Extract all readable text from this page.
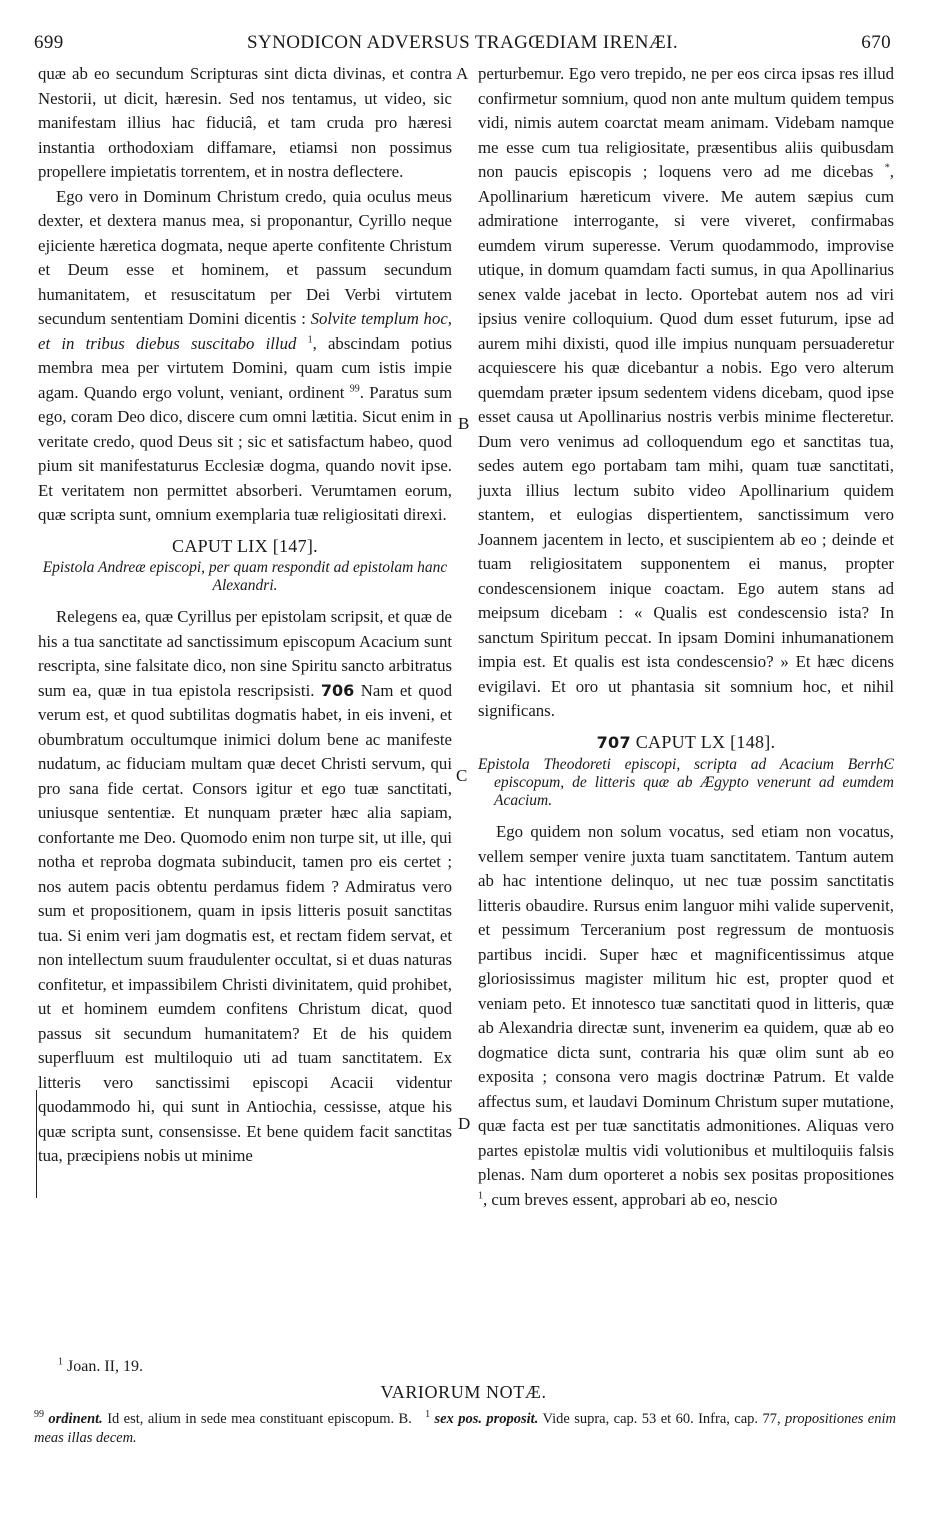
699	SYNODICON ADVERSUS TRAGŒDIAM IRENÆI.	670
A
B
C
D

quæ ab eo secundum Scripturas sint dicta divinas, et contra Nestorii, ut dicit, hæresin. Sed nos tentamus, ut video, sic manifestam illius hac fiduciâ, et tam cruda pro hæresi instantia orthodoxiam diffamare, etiamsi non possimus propellere impietatis torrentem, et in nostra deflectere.

Ego vero in Dominum Christum credo, quia oculus meus dexter, et dextera manus mea, si proponantur, Cyrillo neque ejiciente hæretica dogmata, neque aperte confitente Christum et Deum esse et hominem, et passum secundum humanitatem, et resuscitatum per Dei Verbi virtutem secundum sententiam Domini dicentis : Solvite templum hoc, et in tribus diebus suscitabo illud $^1$, abscindam potius membra mea per virtutem Domini, quam cum istis impie agam. Quando ergo volunt, veniant, ordinent $^{99}$. Paratus sum ego, coram Deo dico, discere cum omni lætitia. Sicut enim in veritate credo, quod Deus sit ; sic et satisfactum habeo, quod pium sit manifestaturus Ecclesiæ dogma, quando novit ipse. Et veritatem non permittet absorberi. Verumtamen eorum, quæ scripta sunt, omnium exemplaria tuæ religiositati direxi.

CAPUT LIX [147].
Epistola Andreæ episcopi, per quam respondit ad epistolam hanc Alexandri.

Relegens ea, quæ Cyrillus per epistolam scripsit, et quæ de his a tua sanctitate ad sanctissimum episcopum Acacium sunt rescripta, sine falsitate dico, non sine Spiritu sancto arbitratus sum ea, quæ in tua epistola rescripsisti. 706 Nam et quod verum est, et quod subtilitas dogmatis habet, in eis inveni, et obumbratum occultumque inimici dolum bene ac manifeste nudatum, ac fiduciam multam quæ decet Christi servum, qui pro sana fide certat. Consors igitur et ego tuæ sanctitati, uniusque sententiæ. Et nunquam præter hæc alia sapiam, confortante me Deo. Quomodo enim non turpe sit, ut ille, qui notha et reproba dogmata subinducit, tamen pro eis certet ; nos autem pacis obtentu perdamus fidem ? Admiratus vero sum et propositionem, quam in ipsis litteris posuit sanctitas tua. Si enim veri jam dogmatis est, et rectam fidem servat, et non intellectum suum fraudulenter occultat, si et duas naturas confitetur, et impassibilem Christi divinitatem, quid prohibet, ut et hominem eumdem confitens Christum dicat, quod passus sit secundum humanitatem? Et de his quidem superfluum est multiloquio uti ad tuam sanctitatem. Ex litteris vero sanctissimi episcopi Acacii videntur quodammodo hi, qui sunt in Antiochia, cessisse, atque his quæ scripta sunt, consensisse. Et bene quidem facit sanctitas tua, præcipiens nobis ut minime

perturbemur. Ego vero trepido, ne per eos circa ipsas res illud confirmetur somnium, quod non ante multum quidem tempus vidi, nimis autem coarctat meam animam. Videbam namque me esse cum tua religiositate, præsentibus aliis quibusdam non paucis episcopis ; loquens vero ad me dicebas *, Apollinarium hæreticum vivere. Me autem sæpius cum admiratione interrogante, si vere viveret, confirmabas eumdem virum superesse. Verum quodammodo, improvise utique, in domum quamdam facti sumus, in qua Apollinarius senex valde jacebat in lecto. Oportebat autem nos ad viri ipsius venire colloquium. Quod dum esset futurum, ipse ad aurem mihi dixisti, quod ille impius nunquam persuaderetur acquiescere his quæ dicebantur a nobis. Ego vero alterum quemdam præter ipsum sedentem videns dicebam, quod ipse esset causa ut Apollinarius nostris verbis minime flecteretur. Dum vero venimus ad colloquendum ego et sanctitas tua, sedes autem ego portabam tam mihi, quam tuæ sanctitati, juxta illius lectum subito video Apollinarium quidem stantem, et eulogias dispertientem, sanctissimum vero Joannem jacentem in lecto, et suscipientem ab eo ; deinde et tuam religiositatem supponentem ei manus, propter condescensionem inique coactam. Ego autem stans ad meipsum dicebam : « Qualis est condescensio ista? In sanctum Spiritum peccat. In ipsam Domini inhumanationem impia est. Et qualis est ista condescensio? » Et hæc dicens evigilavi. Et oro ut phantasia sit somnium hoc, et nihil significans.

707 CAPUT LX [148].
Epistola Theodoreti episcopi, scripta ad Acacium BerrhϾ episcopum, de litteris quæ ab Ægypto venerunt ad eumdem Acacium.

Ego quidem non solum vocatus, sed etiam non vocatus, vellem semper venire juxta tuam sanctitatem. Tantum autem ab hac intentione delinquo, ut nec tuæ possim sanctitatis litteris obaudire. Rursus enim languor mihi valide supervenit, et pessimum Terceranium post regressum de montuosis partibus incidi. Super hæc et magnificentissimus atque gloriosissimus magister militum hic est, propter quod et veniam peto. Et innotesco tuæ sanctitati quod in litteris, quæ ab Alexandria directæ sunt, invenerim ea quidem, quæ ab eo dogmatice dicta sunt, contraria his quæ olim sunt ab eo exposita ; consona vero magis doctrinæ Patrum. Et valde affectus sum, et laudavi Dominum Christum super mutatione, quæ facta est per tuæ sanctitatis admonitiones. Aliquas vero partes epistolæ multis vidi volutionibus et multiloquiis falsis plenas. Nam dum oporteret a nobis sex positas propositiones $^1$, cum breves essent, approbari ab eo, nescio

$^1$ Joan. II, 19.
VARIORUM NOTÆ.
$^{99}$ ordinent. Id est, alium in sede mea constituant episcopum. B. $^1$ sex pos. proposit. Vide supra, cap. 53 et 60. Infra, cap. 77, propositiones enim meas illas decem.
